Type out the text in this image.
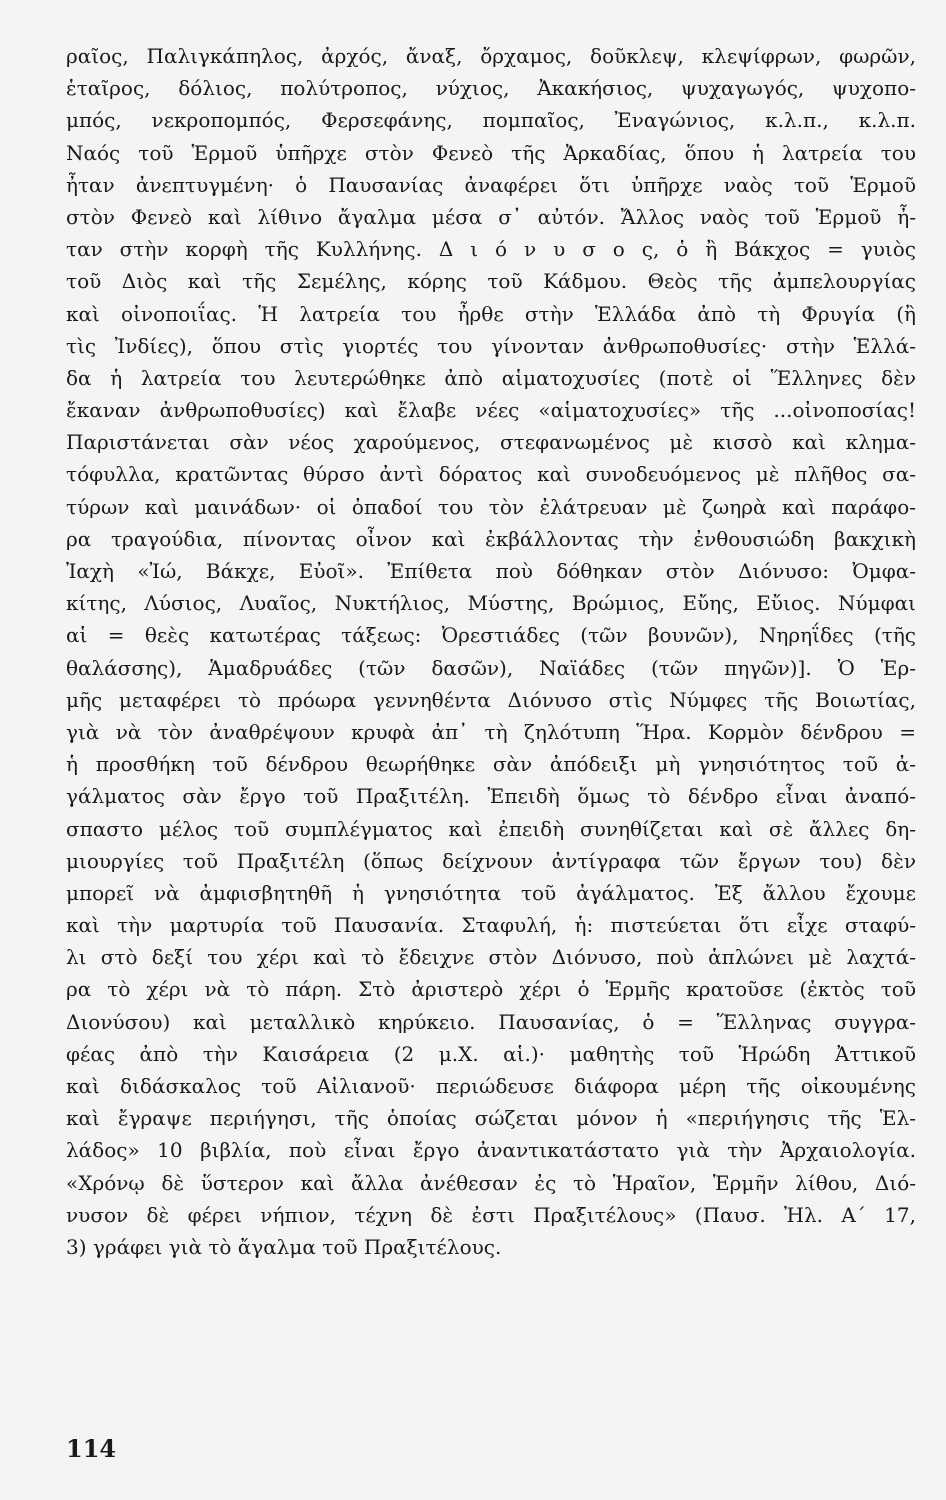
ραῖος, Παλιγκάπηλος, ἀρχός, ἄναξ, ὄρχαμος, δοῦκλεψ, κλεψίφρων, φωρῶν,
ἑταῖρος, δόλιος, πολύτροπος, νύχιος, Ἀκακήσιος, ψυχαγωγός, ψυχοπο-
μπός, νεκροπομπός, Φερσεφάνης, πομπαῖος, Ἐναγώνιος, κ.λ.π., κ.λ.π.
Ναός τοῦ Ἑρμοῦ ὑπῆρχε στὸν Φενεὸ τῆς Ἀρκαδίας, ὅπου ἡ λατρεία του
ἦταν ἀνεπτυγμένη· ὁ Παυσανίας ἀναφέρει ὅτι ὑπῆρχε ναὸς τοῦ Ἑρμοῦ
στὸν Φενεὸ καὶ λίθινο ἄγαλμα μέσα σ᾽ αὐτόν. Ἄλλος ναὸς τοῦ Ἑρμοῦ ἦ-
ταν στὴν κορφὴ τῆς Κυλλήνης. Δ ι ό ν υ σ ο ς, ὁ ἢ Βάκχος = γυιὸς
τοῦ Διὸς καὶ τῆς Σεμέλης, κόρης τοῦ Κάδμου. Θεὸς τῆς ἀμπελουργίας
καὶ οἰνοποιΐας. Ἡ λατρεία του ἦρθε στὴν Ἑλλάδα ἀπὸ τὴ Φρυγία (ἢ
τὶς Ἰνδίες), ὅπου στὶς γιορτές του γίνονταν ἀνθρωποθυσίες· στὴν Ἑλλά-
δα ἡ λατρεία του λευτερώθηκε ἀπὸ αἱματοχυσίες (ποτὲ οἱ Ἕλληνες δὲν
ἔκαναν ἀνθρωποθυσίες) καὶ ἔλαβε νέες «αἱματοχυσίες» τῆς ...οἰνοποσίας!
Παριστάνεται σὰν νέος χαρούμενος, στεφανωμένος μὲ κισσὸ καὶ κλημα-
τόφυλλα, κρατῶντας θύρσο ἀντὶ δόρατος καὶ συνοδευόμενος μὲ πλῆθος σα-
τύρων καὶ μαινάδων· οἱ ὀπαδοί του τὸν ἐλάτρευαν μὲ ζωηρὰ καὶ παράφο-
ρα τραγούδια, πίνοντας οἶνον καὶ ἐκβάλλοντας τὴν ἐνθουσιώδη βακχικὴ
Ἰαχὴ «Ἰώ, Βάκχε, Εὐοῖ». Ἐπίθετα ποὺ δόθηκαν στὸν Διόνυσο: Ὀμφα-
κίτης, Λύσιος, Λυαῖος, Νυκτήλιος, Μύστης, Βρώμιος, Εὔης, Εὔιος. Νύμφαι
αἱ = θεὲς κατωτέρας τάξεως: Ὀρεστιάδες (τῶν βουνῶν), Νηρηΐδες (τῆς
θαλάσσης), Ἁμαδρυάδες (τῶν δασῶν), Ναϊάδες (τῶν πηγῶν)]. Ὁ Ἑρ-
μῆς μεταφέρει τὸ πρόωρα γεννηθέντα Διόνυσο στὶς Νύμφες τῆς Βοιωτίας,
γιὰ νὰ τὸν ἀναθρέψουν κρυφὰ ἀπ᾽ τὴ ζηλότυπη Ἥρα. Κορμὸν δένδρου =
ἡ προσθήκη τοῦ δένδρου θεωρήθηκε σὰν ἀπόδειξι μὴ γνησιότητος τοῦ ἀ-
γάλματος σὰν ἔργο τοῦ Πραξιτέλη. Ἐπειδὴ ὅμως τὸ δένδρο εἶναι ἀναπό-
σπαστο μέλος τοῦ συμπλέγματος καὶ ἐπειδὴ συνηθίζεται καὶ σὲ ἄλλες δη-
μιουργίες τοῦ Πραξιτέλη (ὅπως δείχνουν ἀντίγραφα τῶν ἔργων του) δὲν
μπορεῖ νὰ ἀμφισβητηθῆ ἡ γνησιότητα τοῦ ἀγάλματος. Ἐξ ἄλλου ἔχουμε
καὶ τὴν μαρτυρία τοῦ Παυσανία. Σταφυλή, ἡ: πιστεύεται ὅτι εἶχε σταφύ-
λι στὸ δεξί του χέρι καὶ τὸ ἔδειχνε στὸν Διόνυσο, ποὺ ἁπλώνει μὲ λαχτά-
ρα τὸ χέρι νὰ τὸ πάρη. Στὸ ἀριστερὸ χέρι ὁ Ἑρμῆς κρατοῦσε (ἐκτὸς τοῦ
Διονύσου) καὶ μεταλλικὸ κηρύκειο. Παυσανίας, ὁ = Ἕλληνας συγγρα-
φέας ἀπὸ τὴν Καισάρεια (2 μ.Χ. αἱ.)· μαθητὴς τοῦ Ἡρώδη Ἀττικοῦ
καὶ διδάσκαλος τοῦ Αἰλιανοῦ· περιώδευσε διάφορα μέρη τῆς οἰκουμένης
καὶ ἔγραψε περιήγησι, τῆς ὁποίας σώζεται μόνον ἡ «περιήγησις τῆς Ἑλ-
λάδος» 10 βιβλία, ποὺ εἶναι ἔργο ἀναντικατάστατο γιὰ τὴν Ἀρχαιολογία.
«Χρόνῳ δὲ ὕστερον καὶ ἄλλα ἀνέθεσαν ἐς τὸ Ἡραῖον, Ἑρμῆν λίθου, Διό-
νυσον δὲ φέρει νήπιον, τέχνη δὲ ἐστι Πραξιτέλους» (Παυσ. Ἠλ. Α΄ 17,
3) γράφει γιὰ τὸ ἄγαλμα τοῦ Πραξιτέλους.
114
